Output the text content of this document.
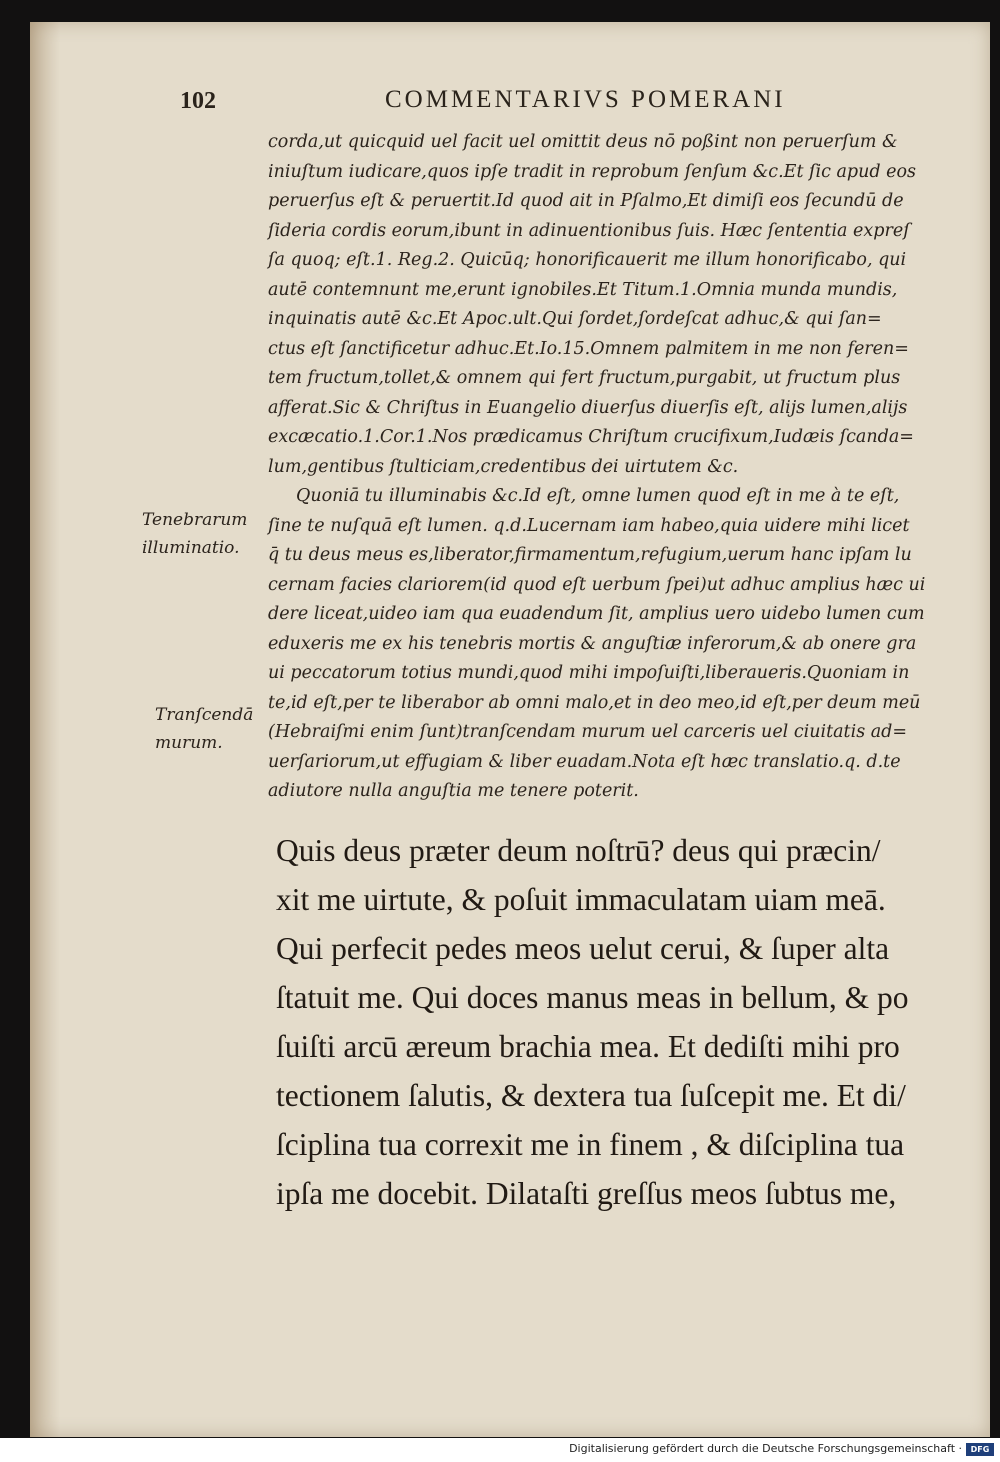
102	COMMENTARIVS POMERANI
corda,ut quicquid uel facit uel omittit deus nō poßint non peruerſum &
iniuſtum iudicare,quos ipſe tradit in reprobum ſenſum &c.Et ſic apud eos
peruerſus eſt & peruertit.Id quod ait in Pſalmo,Et dimiſi eos ſecundū de
ſideria cordis eorum,ibunt in adinuentionibus ſuis. Hæc ſententia expreſ
ſa quoq; eſt.1. Reg.2. Quicūq; honorificauerit me illum honorificabo, qui
autē contemnunt me,erunt ignobiles.Et Titum.1.Omnia munda mundis,
inquinatis autē &c.Et Apoc.ult.Qui ſordet,ſordeſcat adhuc,& qui ſan=
ctus eſt ſanctificetur adhuc.Et.Io.15.Omnem palmitem in me non feren=
tem fructum,tollet,& omnem qui fert fructum,purgabit, ut fructum plus
afferat.Sic & Chriſtus in Euangelio diuerſus diuerſis eſt, alijs lumen,alijs
excæcatio.1.Cor.1.Nos prædicamus Chriſtum crucifixum,Iudæis ſcanda=
lum,gentibus ſtulticiam,credentibus dei uirtutem &c.
Quoniā tu illuminabis &c.Id eſt, omne lumen quod eſt in me à te eſt,
ſine te nuſquā eſt lumen. q.d.Lucernam iam habeo,quia uidere mihi licet
q̄ tu deus meus es,liberator,firmamentum,refugium,uerum hanc ipſam lu
cernam facies clariorem(id quod eſt uerbum ſpei)ut adhuc amplius hæc ui
dere liceat,uideo iam qua euadendum ſit, amplius uero uidebo lumen cum
eduxeris me ex his tenebris mortis & anguſtiæ inferorum,& ab onere gra
ui peccatorum totius mundi,quod mihi impoſuiſti,liberaueris.Quoniam in
te,id eſt,per te liberabor ab omni malo,et in deo meo,id eſt,per deum meū
(Hebraiſmi enim ſunt)tranſcendam murum uel carceris uel ciuitatis ad=
uerſariorum,ut effugiam & liber euadam.Nota eſt hæc translatio.q. d.te
adiutore nulla anguſtia me tenere poterit.
Tenebrarum
illuminatio.
Tranſcendā
murum.
Quis deus præter deum noſtrū? deus qui præcin/
xit me uirtute, & poſuit immaculatam uiam meā.
Qui perfecit pedes meos uelut cerui, & ſuper alta
ſtatuit me. Qui doces manus meas in bellum, & po
ſuiſti arcū æreum brachia mea. Et dediſti mihi pro
tectionem ſalutis, & dextera tua ſuſcepit me. Et di/
ſciplina tua correxit me in finem , & diſciplina tua
ipſa me docebit. Dilataſti greſſus meos ſubtus me,
Digitalisierung gefördert durch die Deutsche Forschungsgemeinschaft ·	DFG
